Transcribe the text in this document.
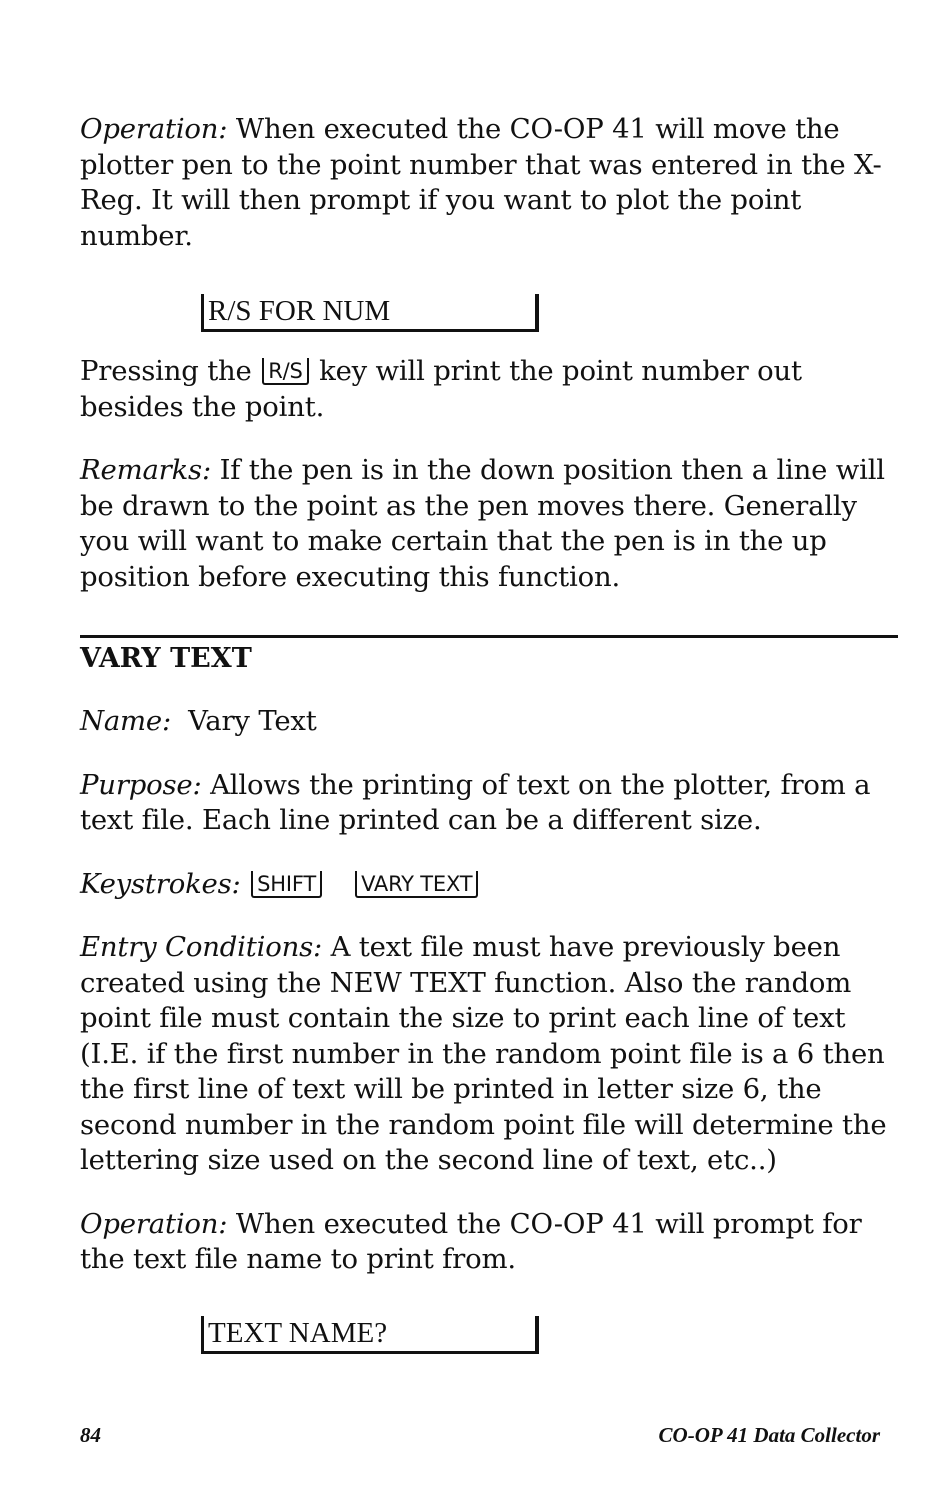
Operation: When executed the CO-OP 41 will move the plotter pen to the point number that was entered in the X-Reg. It will then prompt if you want to plot the point number.

R/S FOR NUM

Pressing the R/S key will print the point number out besides the point.

Remarks: If the pen is in the down position then a line will be drawn to the point as the pen moves there. Generally you will want to make certain that the pen is in the up position before executing this function.

VARY TEXT

Name:  Vary Text

Purpose: Allows the printing of text on the plotter, from a text file. Each line printed can be a different size.

Keystrokes: SHIFT VARY TEXT

Entry Conditions: A text file must have previously been created using the NEW TEXT function. Also the random point file must contain the size to print each line of text (I.E. if the first number in the random point file is a 6 then the first line of text will be printed in letter size 6, the second number in the random point file will determine the lettering size used on the second line of text, etc..)

Operation: When executed the CO-OP 41 will prompt for the text file name to print from.

TEXT NAME?
84	CO-OP 41 Data Collector
